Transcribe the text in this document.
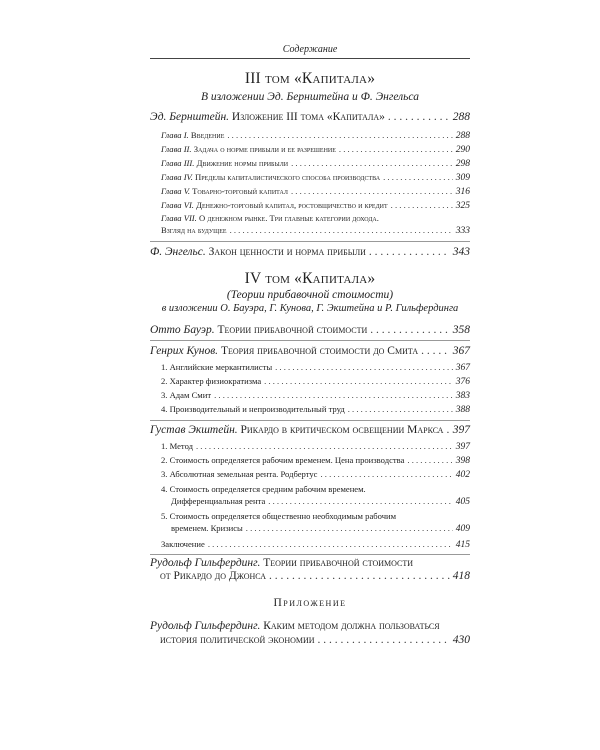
Содержание
III том «Капитала»
В изложении Эд. Бернштейна и Ф. Энгельса
Эд. Бернштейн. Изложение III тома «Капитала» . . .	288
Глава I. Введение . . .	288
Глава II. Задача о норме прибыли и ее разрешение . . .	290
Глава III. Движение нормы прибыли . . .	298
Глава IV. Пределы капиталистического способа производства . . .	309
Глава V. Товарно-торговый капитал . . .	316
Глава VI. Денежно-торговый капитал, ростовщичество и кредит . . .	325
Глава VII. О денежном рынке. Три главные категории дохода.
Взгляд на будущее . . .	333
Ф. Энгельс. Закон ценности и норма прибыли . . .	343
IV том «Капитала»
(Теории прибавочной стоимости)
в изложении О. Бауэра, Г. Кунова, Г. Экштейна и Р. Гильфердинга
Отто Бауэр. Теории прибавочной стоимости . . .	358
Генрих Кунов. Теория прибавочной стоимости до Смита . . .	367
1. Английские меркантилисты . . .	367
2. Характер физиократизма . . .	376
3. Адам Смит . . .	383
4. Производительный и непроизводительный труд . . .	388
Густав Экштейн. Рикардо в критическом освещении Маркса . . . 397
1. Метод . . .	397
2. Стоимость определяется рабочим временем. Цена производства . . .	398
3. Абсолютная земельная рента. Родбертус . . .	402
4. Стоимость определяется средним рабочим временем.
Дифференциальная рента . . .	405
5. Стоимость определяется общественно необходимым рабочим
временем. Кризисы . . .	409
Заключение . . .	415
Рудольф Гильфердинг. Теории прибавочной стоимости
от Рикардо до Джонса . . .	418
Приложение
Рудольф Гильфердинг. Каким методом должна пользоваться
история политической экономии . . .	430
